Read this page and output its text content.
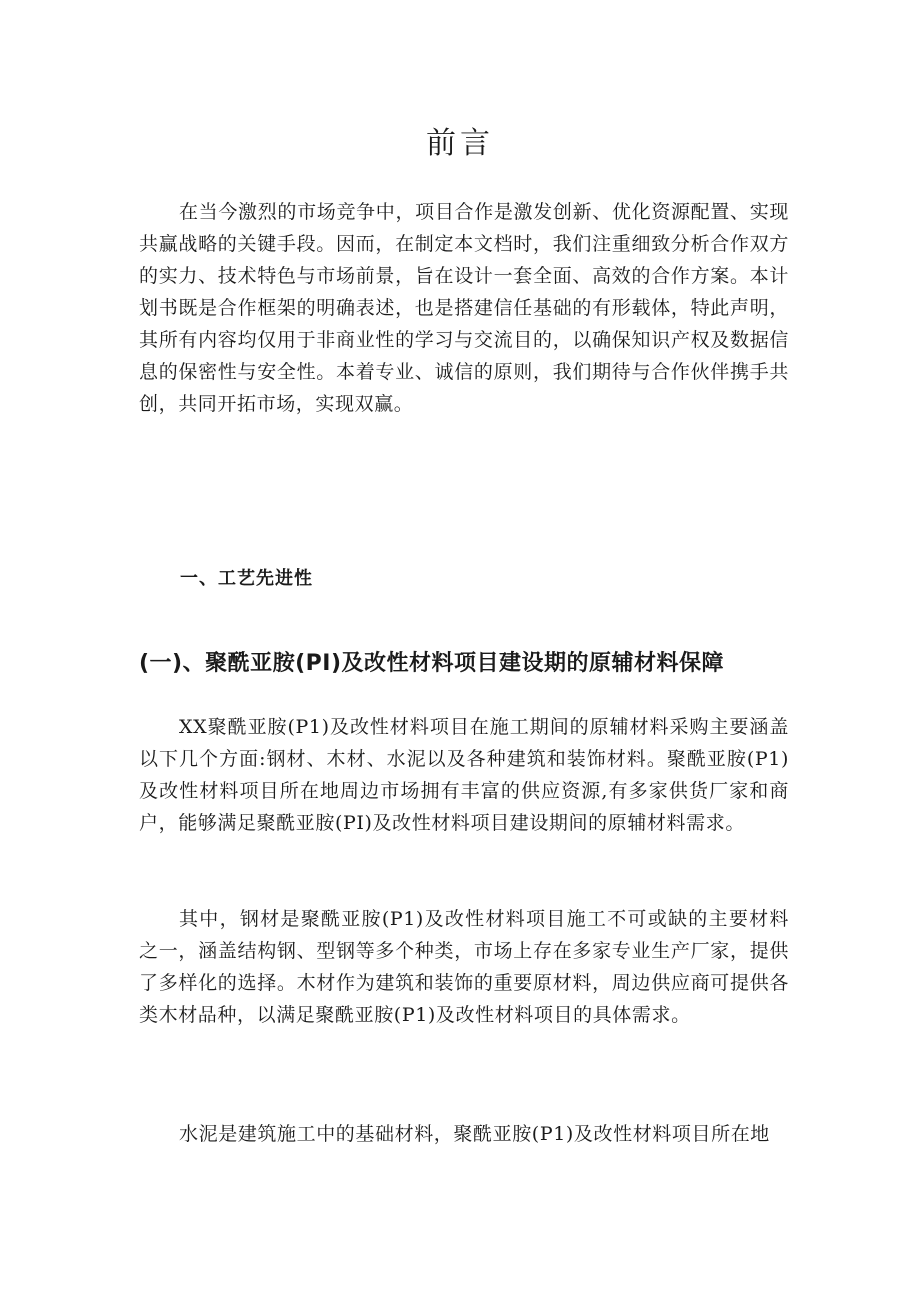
前言

在当今激烈的市场竞争中，项目合作是激发创新、优化资源配置、实现共赢战略的关键手段。因而，在制定本文档时，我们注重细致分析合作双方的实力、技术特色与市场前景，旨在设计一套全面、高效的合作方案。本计划书既是合作框架的明确表述，也是搭建信任基础的有形载体，特此声明，其所有内容均仅用于非商业性的学习与交流目的，以确保知识产权及数据信息的保密性与安全性。本着专业、诚信的原则，我们期待与合作伙伴携手共创，共同开拓市场，实现双赢。

一、工艺先进性
(一)、聚酰亚胺(PI)及改性材料项目建设期的原辅材料保障

XX聚酰亚胺(P1)及改性材料项目在施工期间的原辅材料采购主要涵盖以下几个方面:钢材、木材、水泥以及各种建筑和装饰材料。聚酰亚胺(P1)及改性材料项目所在地周边市场拥有丰富的供应资源,有多家供货厂家和商户，能够满足聚酰亚胺(PI)及改性材料项目建设期间的原辅材料需求。

其中，钢材是聚酰亚胺(P1)及改性材料项目施工不可或缺的主要材料之一，涵盖结构钢、型钢等多个种类，市场上存在多家专业生产厂家，提供了多样化的选择。木材作为建筑和装饰的重要原材料，周边供应商可提供各类木材品种，以满足聚酰亚胺(P1)及改性材料项目的具体需求。

水泥是建筑施工中的基础材料，聚酰亚胺(P1)及改性材料项目所在地
